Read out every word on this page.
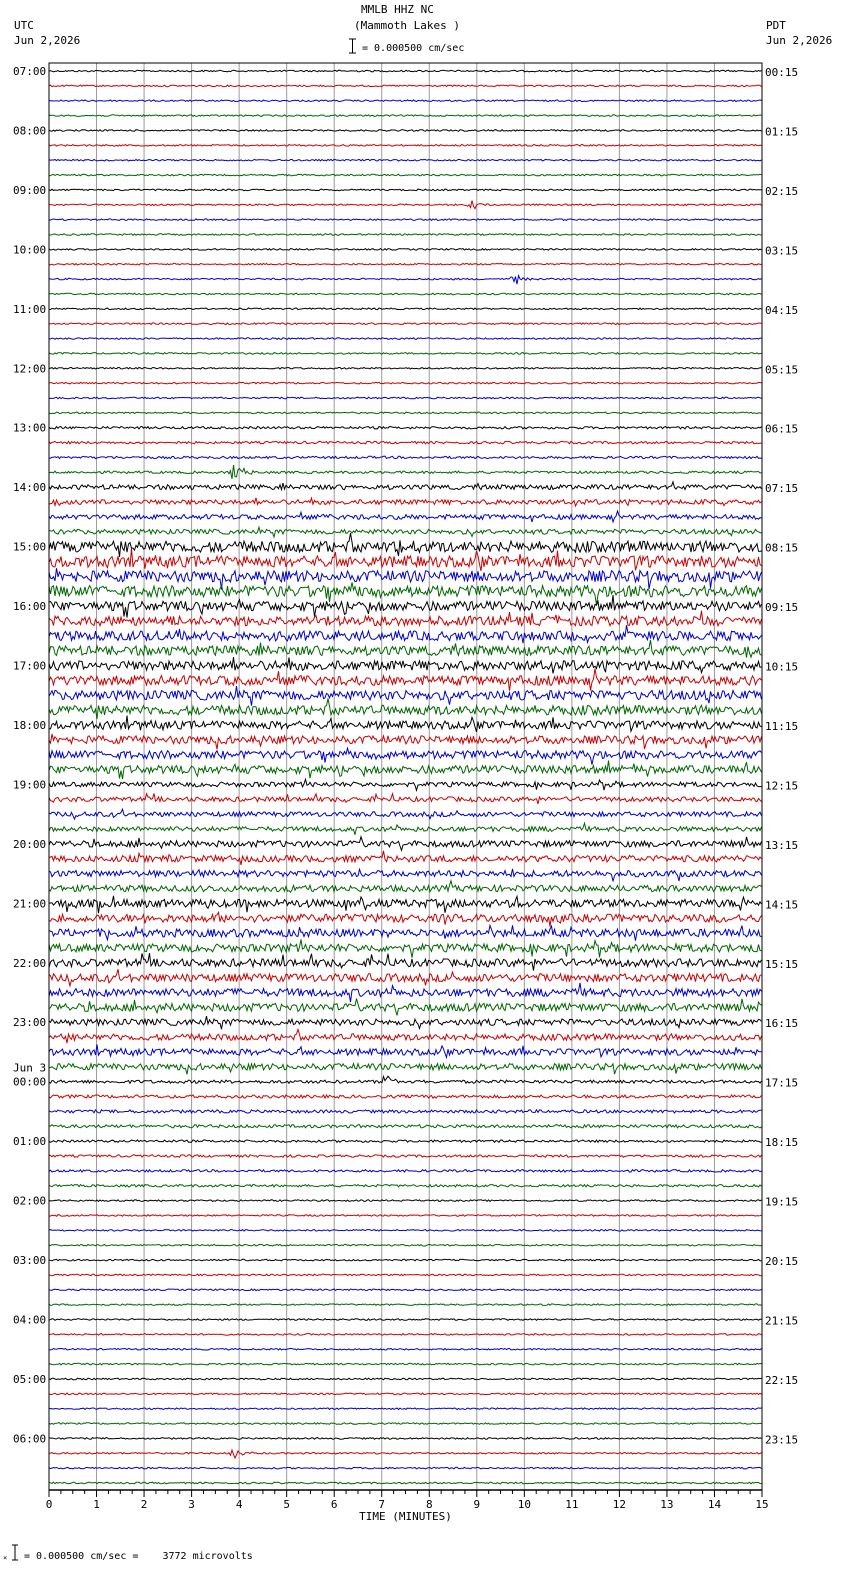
0	1	2	3	4	5	6	7	8	9	10	11	12	13	14	15
TIME (MINUTES)
07:00
08:00
09:00
10:00
11:00
12:00
13:00
14:00
15:00
16:00
17:00
18:00
19:00
20:00
21:00
22:00
23:00
00:00
Jun 3
01:00
02:00
03:00
04:00
05:00
06:00
00:15
01:15
02:15
03:15
04:15
05:15
06:15
07:15
08:15
09:15
10:15
11:15
12:15
13:15
14:15
15:15
16:15
17:15
18:15
19:15
20:15
21:15
22:15
23:15
MMLB HHZ NC
(Mammoth Lakes )
UTC
Jun 2,2026
PDT
Jun 2,2026
= 0.000500 cm/sec
× = 0.000500 cm/sec =    3772 microvolts
